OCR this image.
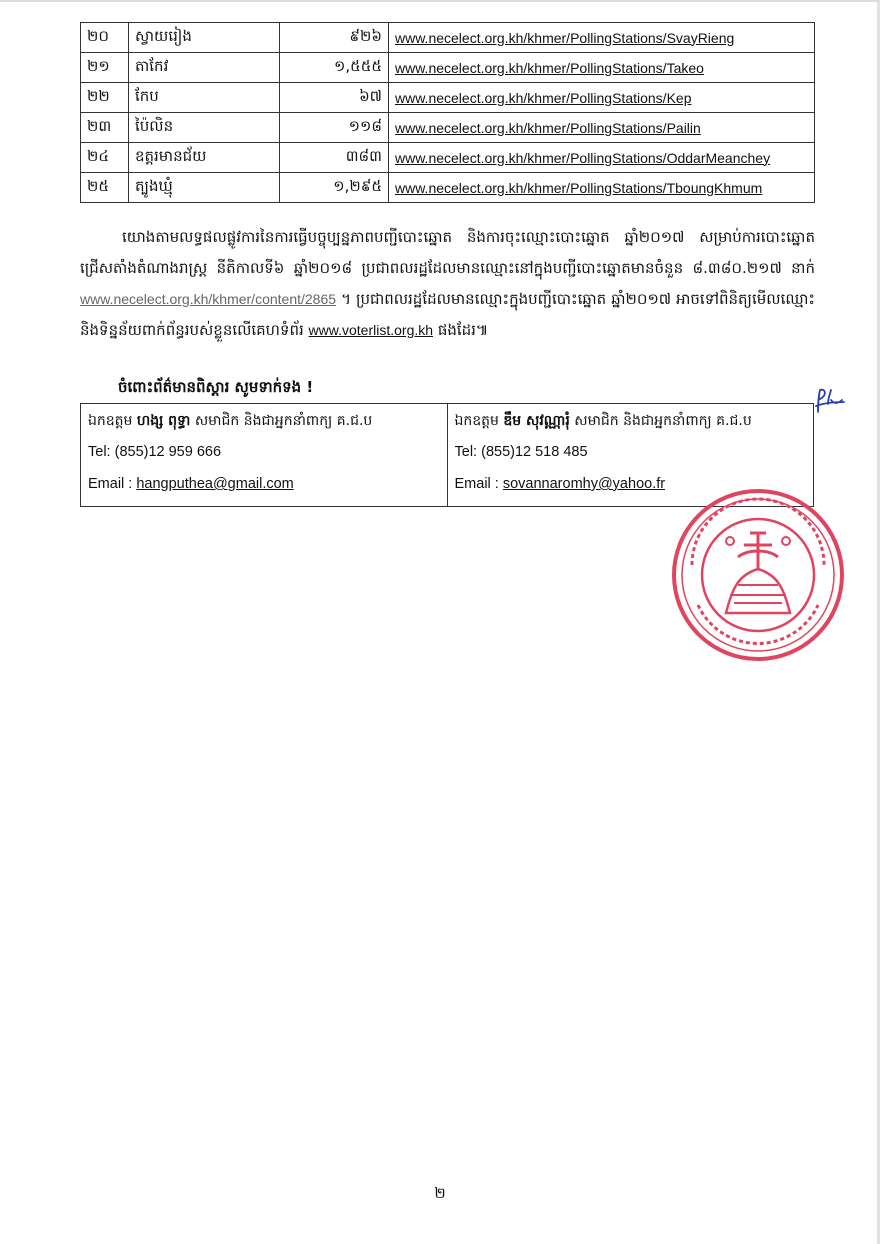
២០	ស្វាយរៀង	៩២៦	www.necelect.org.kh/khmer/PollingStations/SvayRieng
២១	តាកែវ	១,៥៥៥	www.necelect.org.kh/khmer/PollingStations/Takeo
២២	កែប	៦៧	www.necelect.org.kh/khmer/PollingStations/Kep
២៣	ប៉ៃលិន	១១៨	www.necelect.org.kh/khmer/PollingStations/Pailin
២៤	ឧត្តរមានជ័យ	៣៨៣	www.necelect.org.kh/khmer/PollingStations/OddarMeanchey
២៥	ត្បូងឃ្មុំ	១,២៩៥	www.necelect.org.kh/khmer/PollingStations/TboungKhmum
យោងតាមលទ្ធផលផ្លូវការនៃការធ្វើបច្ចុប្បន្នភាពបញ្ជីបោះឆ្នោត និងការចុះឈ្មោះបោះឆ្នោត ឆ្នាំ២០១៧ សម្រាប់ការបោះឆ្នោតជ្រើសតាំងតំណាងរាស្ត្រ នីតិកាលទី៦ ឆ្នាំ២០១៨ ប្រជាពលរដ្ឋដែលមានឈ្មោះនៅក្នុងបញ្ជីបោះឆ្នោតមានចំនួន ៨.៣៨០.២១៧ នាក់ www.necelect.org.kh/khmer/content/2865 ។ ប្រជាពលរដ្ឋដែលមានឈ្មោះក្នុងបញ្ជីបោះឆ្នោត ឆ្នាំ២០១៧ អាចទៅពិនិត្យមើលឈ្មោះ និងទិន្នន័យពាក់ព័ន្ធរបស់ខ្លួនលើគេហទំព័រ www.voterlist.org.kh ផងដែរ៕
ចំពោះព័ត៌មានពិស្តារ សូមទាក់ទង !
ឯកឧត្តម ហង្ស ពុទ្ធា សមាជិក និងជាអ្នកនាំពាក្យ គ.ជ.ប
Tel: (855)12 959 666
Email : hangputhea@gmail.com

ឯកឧត្តម ឌឹម សុវណ្ណារុំ សមាជិក និងជាអ្នកនាំពាក្យ គ.ជ.ប
Tel: (855)12 518 485
Email : sovannaromhy@yahoo.fr
២
